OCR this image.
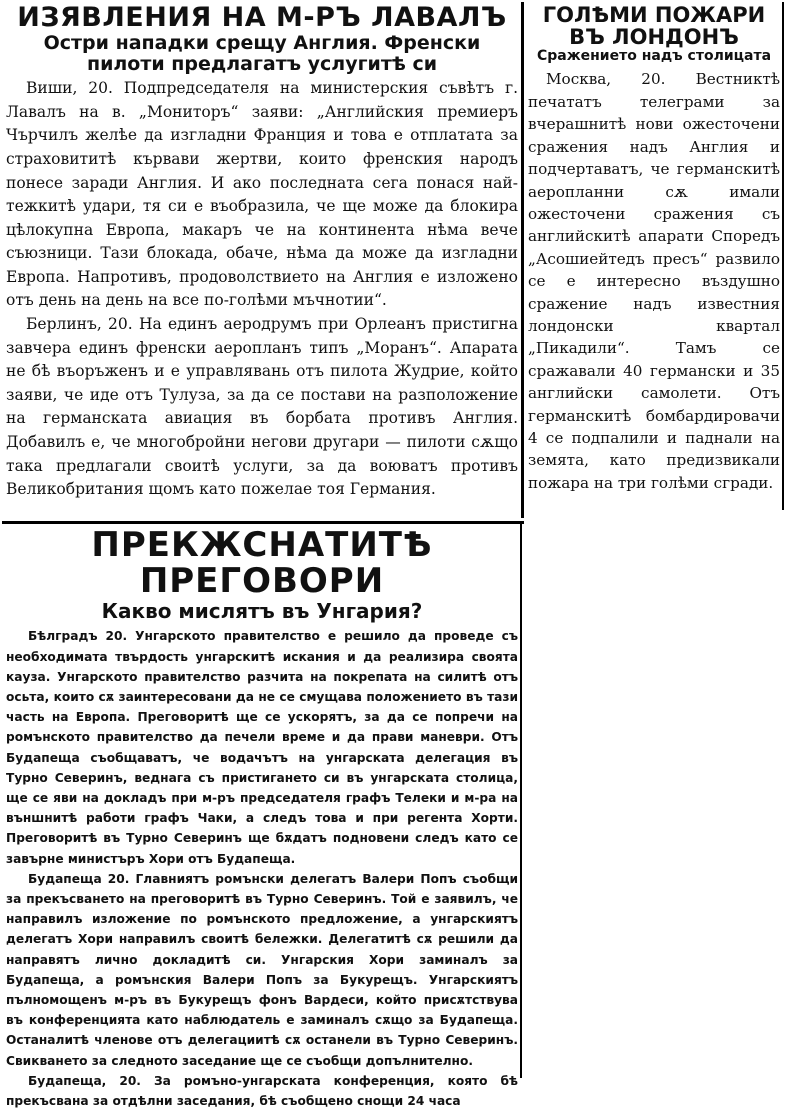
ИЗЯВЛЕНИЯ НА М-РЪ ЛАВАЛЪ
Остри нападки срещу Англия. Френски пилоти предлагатъ услугитѣ си

Виши, 20. Подпредседателя на министерския съвѣтъ г. Лавалъ на в. „Мониторъ“ заяви: „Английския премиеръ Чърчилъ желѣе да изгладни Франция и това е отплатата за страховититѣ кървави жертви, които френския народъ понесе заради Англия. И ако последната сега понася най-тежкитѣ удари, тя си е въобразила, че ще може да блокира цѣлокупна Европа, макаръ че на континента нѣма вече съюзници. Тази блокада, обаче, нѣма да може да изгладни Европа. Напротивъ, продоволствието на Англия е изложено отъ день на день на все по-голѣми мъчнотии“.

Берлинъ, 20. На единъ аеродрумъ при Орлеанъ пристигна завчера единъ френски аеропланъ типъ „Моранъ“. Апарата не бѣ въоръженъ и е управлявань отъ пилота Жудрие, който заяви, че иде отъ Тулуза, за да се постави на разположение на германската авиация въ борбата противъ Англия. Добавилъ е, че многобройни негови другари — пилоти сѫщо така предлагали своитѣ услуги, за да воюватъ противъ Великобритания щомъ като пожелае тоя Германия.

ГОЛѢМИ ПОЖАРИ ВЪ ЛОНДОНЪ
Сражението надъ столицата

Москва, 20. Вестниктѣ печататъ телеграми за вчерашнитѣ нови ожесточени сражения надъ Англия и подчертаватъ, че германскитѣ аеропланни сѫ имали ожесточени сражения съ английскитѣ апарати Споредъ „Асошиейтедъ пресъ“ развило се е интересно въздушно сражение надъ известния лондонски квартал „Пикадили“. Тамъ се сражавали 40 германски и 35 английски самолети. Отъ германскитѣ бомбардировачи 4 се подпалили и паднали на земята, като предизвикали пожара на три голѣми сгради.

ПРЕКЖСНАТИТѢ ПРЕГОВОРИ
Какво мислятъ въ Унгария?

Бѣлградъ 20. Унгарското правителство е решило да проведе съ необходимата твърдость унгарскитѣ искания и да реализира своята кауза. Унгарското правителство разчита на покрепата на силитѣ отъ осьта, които сѫ заинтересовани да не се смущава положението въ тази часть на Европа. Преговоритѣ ще се ускорятъ, за да се попречи на ромънското правителство да печели време и да прави маневри. Отъ Будапеща съобщаватъ, че водачътъ на унгарската делегация въ Турно Северинъ, веднага съ пристигането си въ унгарската столица, ще се яви на докладъ при м-ръ председателя графъ Телеки и м-ра на външнитѣ работи графъ Чаки, а следъ това и при регента Хорти. Преговоритѣ въ Турно Северинъ ще бѫдатъ подновени следъ като се завърне министъръ Хори отъ Будапеща.

Будапеща 20. Главниятъ ромънски делегатъ Валери Попъ съобщи за прекъсването на преговоритѣ въ Турно Северинъ. Той е заявилъ, че направилъ изложение по ромънското предложение, а унгарскиятъ делегатъ Хори направилъ своитѣ бележки. Делегатитѣ сѫ решили да направятъ лично докладитѣ си. Унгарския Хори заминалъ за Будапеща, а ромънския Валери Попъ за Букурещъ. Унгарскиятъ пълномощенъ м-ръ въ Букурещъ фонъ Вардеси, който присѫтствува въ конференцията като наблюдатель е заминалъ сѫщо за Будапеща. Останалитѣ членове отъ делегациитѣ сѫ останели въ Турно Северинъ. Свикването за следното заседание ще се съобщи допълнително.

Будапеща, 20. За ромъно-унгарската конференция, която бѣ прекъсвана за отдѣлни заседания, бѣ съобщено снощи 24 часа
